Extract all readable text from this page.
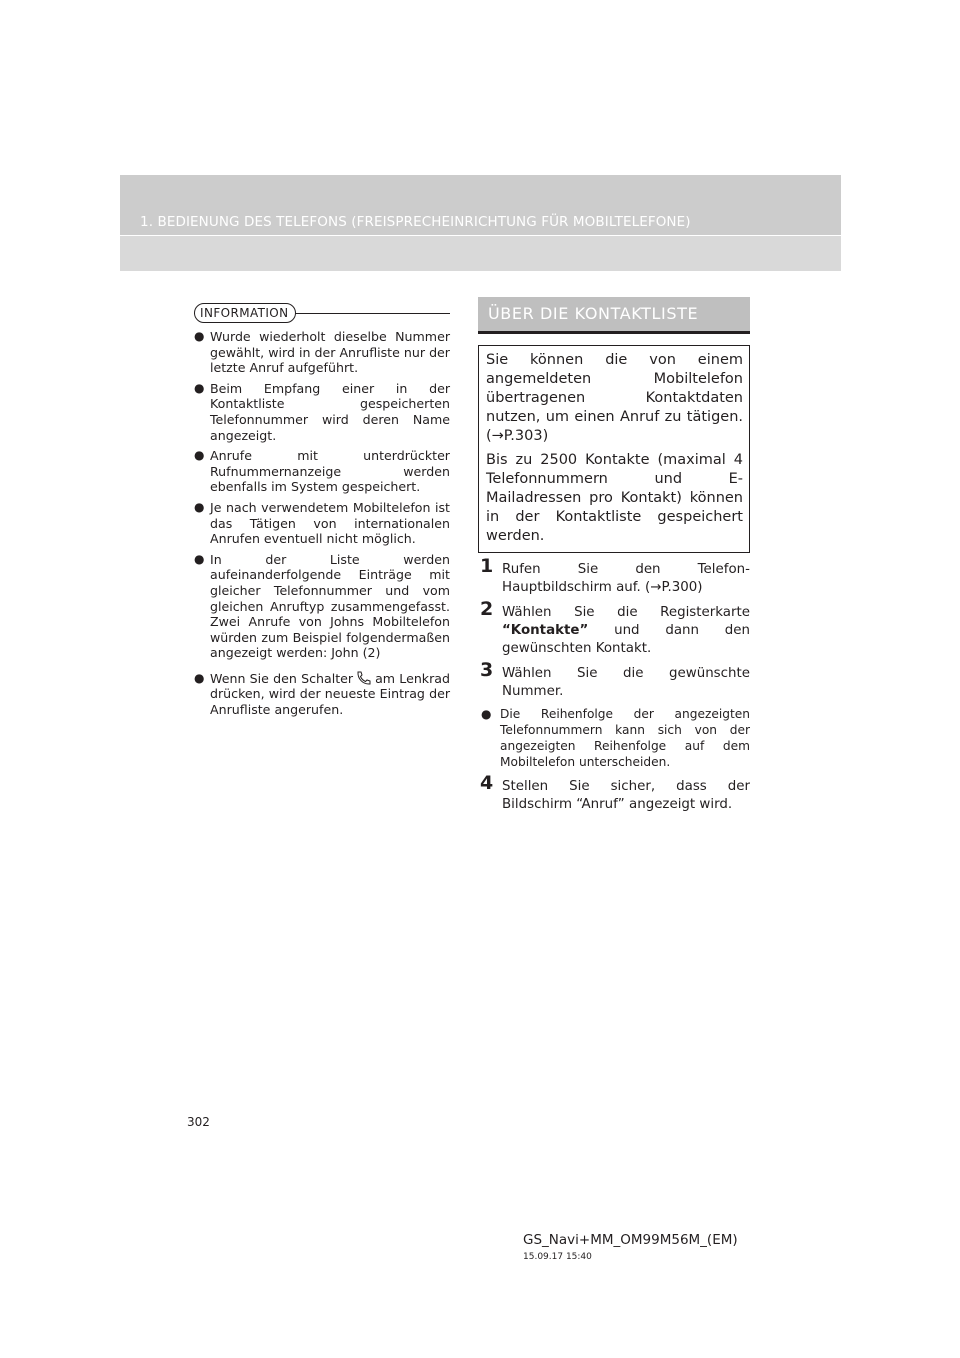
1. BEDIENUNG DES TELEFONS (FREISPRECHEINRICHTUNG FÜR MOBILTELEFONE)
INFORMATION
● Wurde wiederholt dieselbe Nummer gewählt, wird in der Anrufliste nur der letzte Anruf aufgeführt.
● Beim Empfang einer in der Kontaktliste gespeicherten Telefonnummer wird deren Name angezeigt.
● Anrufe mit unterdrückter Rufnummernanzeige werden ebenfalls im System gespeichert.
● Je nach verwendetem Mobiltelefon ist das Tätigen von internationalen Anrufen eventuell nicht möglich.
● In der Liste werden aufeinanderfolgende Einträge mit gleicher Telefonnummer und vom gleichen Anruftyp zusammengefasst. Zwei Anrufe von Johns Mobiltelefon würden zum Beispiel folgendermaßen angezeigt werden: John (2)
● Wenn Sie den Schalter am Lenkrad drücken, wird der neueste Eintrag der Anrufliste angerufen.
ÜBER DIE KONTAKTLISTE

Sie können die von einem angemeldeten Mobiltelefon übertragenen Kontaktdaten nutzen, um einen Anruf zu tätigen. (→P.303)

Bis zu 2500 Kontakte (maximal 4 Telefonnummern und E-Mailadressen pro Kontakt) können in der Kontaktliste gespeichert werden.

1 Rufen Sie den Telefon-Hauptbildschirm auf. (→P.300)
2 Wählen Sie die Registerkarte “Kontakte” und dann den gewünschten Kontakt.
3 Wählen Sie die gewünschte Nummer.
● Die Reihenfolge der angezeigten Telefonnummern kann sich von der angezeigten Reihenfolge auf dem Mobiltelefon unterscheiden.
4 Stellen Sie sicher, dass der Bildschirm “Anruf” angezeigt wird.
302
GS_Navi+MM_OM99M56M_(EM)
15.09.17 15:40
